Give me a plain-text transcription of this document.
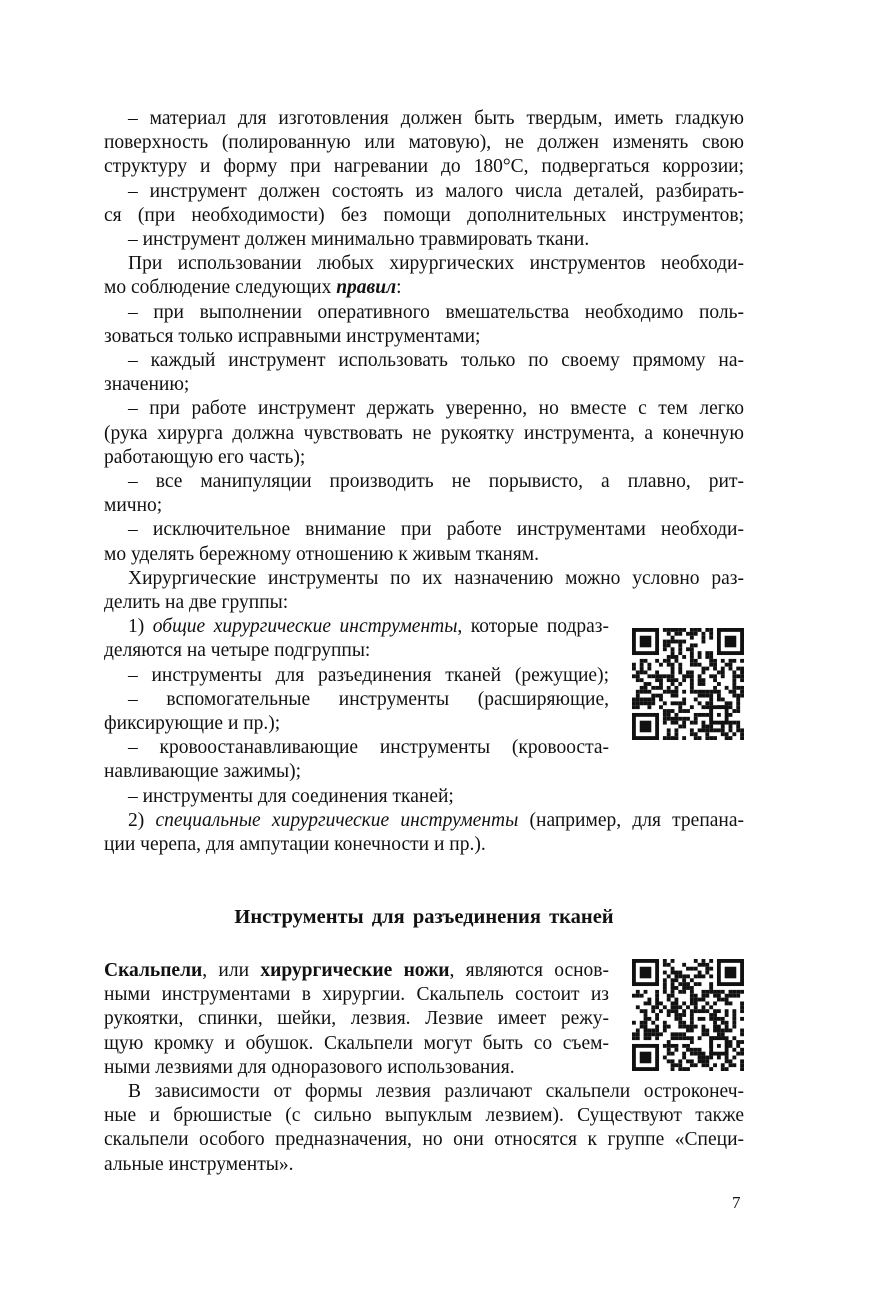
– материал для изготовления должен быть твердым, иметь гладкую
поверхность (полированную или матовую), не должен изменять свою
структуру и форму при нагревании до 180°С, подвергаться коррозии;
– инструмент должен состоять из малого числа деталей, разбирать-
ся (при необходимости) без помощи дополнительных инструментов;
– инструмент должен минимально травмировать ткани.
При использовании любых хирургических инструментов необходи-
мо соблюдение следующих правил:
– при выполнении оперативного вмешательства необходимо поль-
зоваться только исправными инструментами;
– каждый инструмент использовать только по своему прямому на-
значению;
– при работе инструмент держать уверенно, но вместе с тем легко
(рука хирурга должна чувствовать не рукоятку инструмента, а конечную
работающую его часть);
– все манипуляции производить не порывисто, а плавно, рит-
мично;
– исключительное внимание при работе инструментами необходи-
мо уделять бережному отношению к живым тканям.
Хирургические инструменты по их назначению можно условно раз-
делить на две группы:
1) общие хирургические инструменты, которые подраз-
деляются на четыре подгруппы:
– инструменты для разъединения тканей (режущие);
– вспомогательные инструменты (расширяющие,
фиксирующие и пр.);
– кровоостанавливающие инструменты (кровооста-
навливающие зажимы);
– инструменты для соединения тканей;
2) специальные хирургические инструменты (например, для трепана-
ции черепа, для ампутации конечности и пр.).
Инструменты для разъединения тканей
Скальпели, или хирургические ножи, являются основ-
ными инструментами в хирургии. Скальпель состоит из
рукоятки, спинки, шейки, лезвия. Лезвие имеет режу-
щую кромку и обушок. Скальпели могут быть со съем-
ными лезвиями для одноразового использования.
В зависимости от формы лезвия различают скальпели остроконеч-
ные и брюшистые (с сильно выпуклым лезвием). Существуют также
скальпели особого предназначения, но они относятся к группе «Специ-
альные инструменты».
7
